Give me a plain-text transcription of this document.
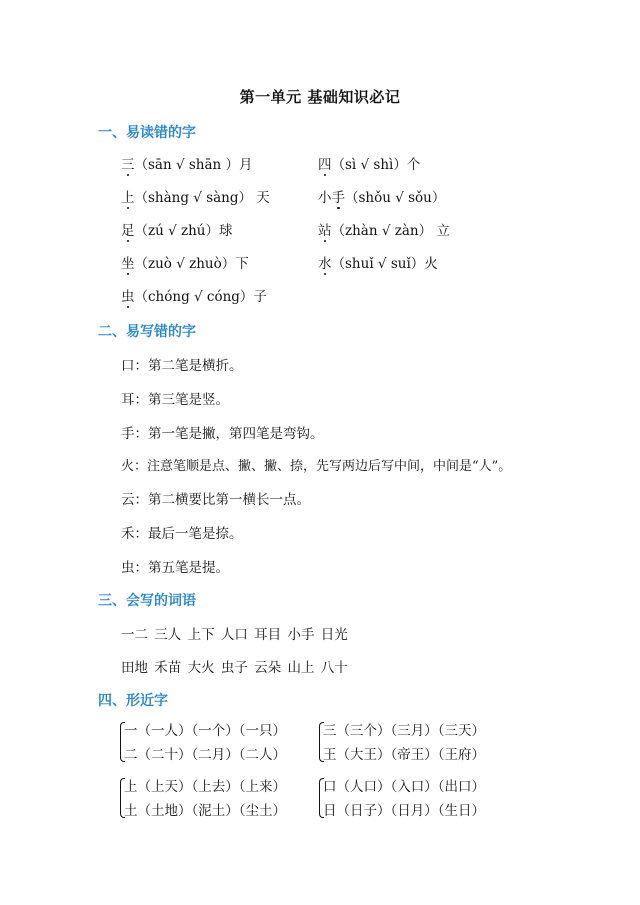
第一单元 基础知识必记
一、易读错的字
三（sān √ shān ）月	四（sì √ shì）个
上（shàng √ sàng） 天	小手（shǒu √ sǒu）
足（zú √ zhú）球	站（zhàn √ zàn） 立
坐（zuò √ zhuò）下	水（shuǐ √ suǐ）火
虫（chóng √ cóng）子
二、易写错的字
口：第二笔是横折。
耳：第三笔是竖。
手：第一笔是撇，第四笔是弯钩。
火：注意笔顺是点、撇、撇、捺，先写两边后写中间，中间是“人”。
云：第二横要比第一横长一点。
禾：最后一笔是捺。
虫：第五笔是提。
三、会写的词语
一二 三人 上下 人口 耳目 小手 日光
田地 禾苗 大火 虫子 云朵 山上 八十
四、形近字
一（一人）（一个）（一只）
二（二十）（二月）（二人）
三（三个）（三月）（三天）
王（大王）（帝王）（王府）
上（上天）（上去）（上来）
土（土地）（泥土）（尘土）
口（人口）（入口）（出口）
日（日子）（日月）（生日）
